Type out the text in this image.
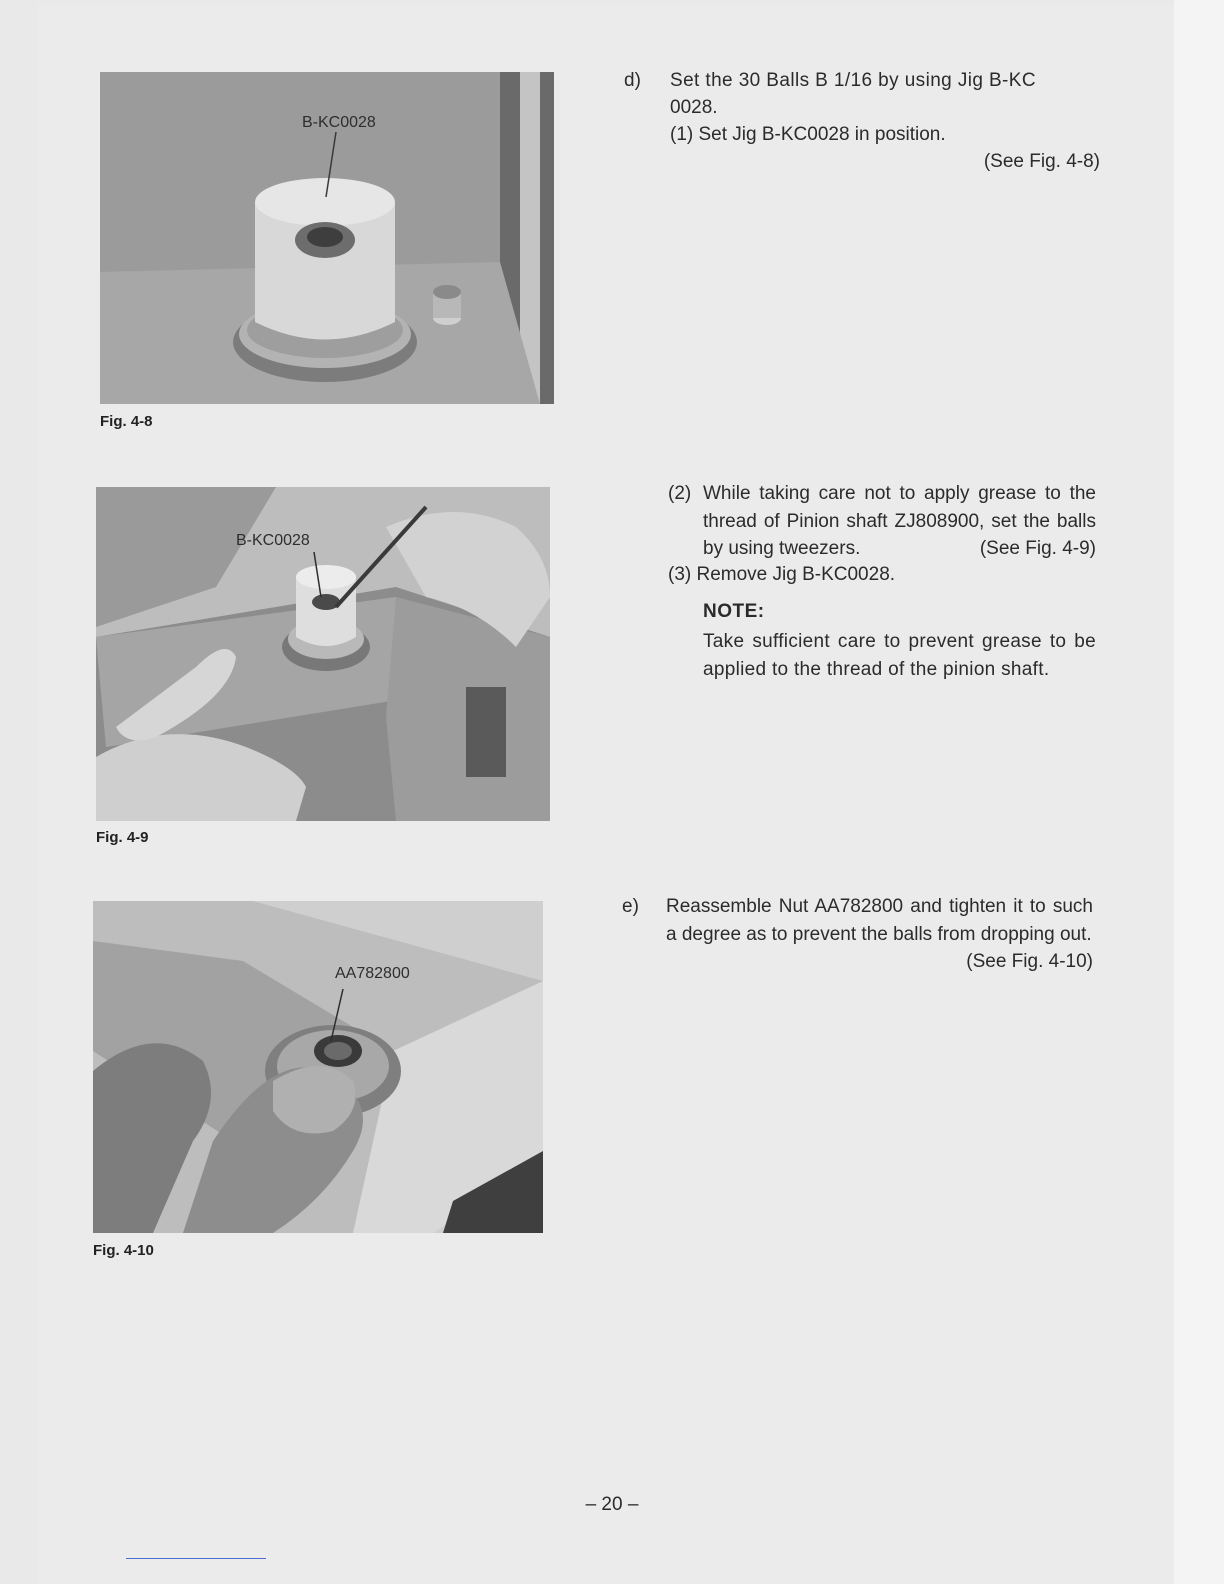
B-KC0028
Fig. 4-8
B-KC0028
Fig. 4-9
AA782800
Fig. 4-10
d) Set the 30 Balls B 1/16 by using Jig B-KC
0028.
(1) Set Jig B-KC0028 in position.
(See Fig. 4-8)
(2) While taking care not to apply grease to the thread of Pinion shaft ZJ808900, set the balls by using tweezers.	(See Fig. 4-9)
(3) Remove Jig B-KC0028.
NOTE:
Take sufficient care to prevent grease to be applied to the thread of the pinion shaft.
e) Reassemble Nut AA782800 and tighten it to such a degree as to prevent the balls from dropping out.
(See Fig. 4-10)
– 20 –
